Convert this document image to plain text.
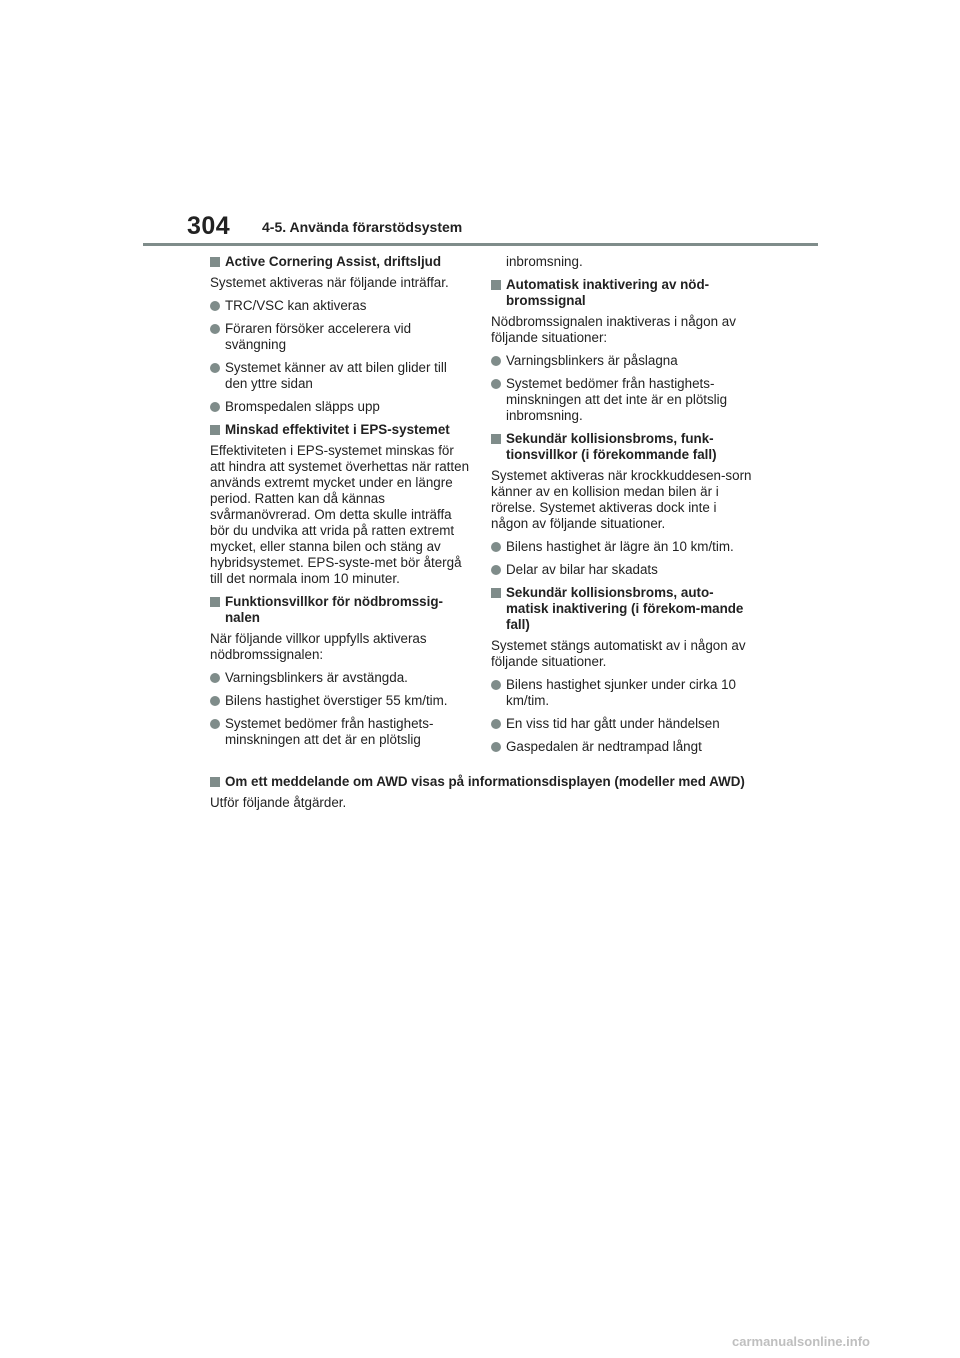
304 4-5. Använda förarstödsystem
Active Cornering Assist, driftsljud
Systemet aktiveras när följande inträffar.
TRC/VSC kan aktiveras
Föraren försöker accelerera vid svängning
Systemet känner av att bilen glider till den yttre sidan
Bromspedalen släpps upp
Minskad effektivitet i EPS-systemet
Effektiviteten i EPS-systemet minskas för att hindra att systemet överhettas när ratten används extremt mycket under en längre period. Ratten kan då kännas svårmanövrerad. Om detta skulle inträffa bör du undvika att vrida på ratten extremt mycket, eller stanna bilen och stäng av hybridsystemet. EPS-syste-met bör återgå till det normala inom 10 minuter.
Funktionsvillkor för nödbromssig-nalen
När följande villkor uppfylls aktiveras nödbromssignalen:
Varningsblinkers är avstängda.
Bilens hastighet överstiger 55 km/tim.
Systemet bedömer från hastighets-minskningen att det är en plötslig
inbromsning.
Automatisk inaktivering av nöd-bromssignal
Nödbromssignalen inaktiveras i någon av följande situationer:
Varningsblinkers är påslagna
Systemet bedömer från hastighets-minskningen att det inte är en plötslig inbromsning.
Sekundär kollisionsbroms, funk-tionsvillkor (i förekommande fall)
Systemet aktiveras när krockkuddesen-sorn känner av en kollision medan bilen är i rörelse. Systemet aktiveras dock inte i någon av följande situationer.
Bilens hastighet är lägre än 10 km/tim.
Delar av bilar har skadats
Sekundär kollisionsbroms, auto-matisk inaktivering (i förekom-mande fall)
Systemet stängs automatiskt av i någon av följande situationer.
Bilens hastighet sjunker under cirka 10 km/tim.
En viss tid har gått under händelsen
Gaspedalen är nedtrampad långt
Om ett meddelande om AWD visas på informationsdisplayen (modeller med AWD)
Utför följande åtgärder.
carmanualsonline.info
